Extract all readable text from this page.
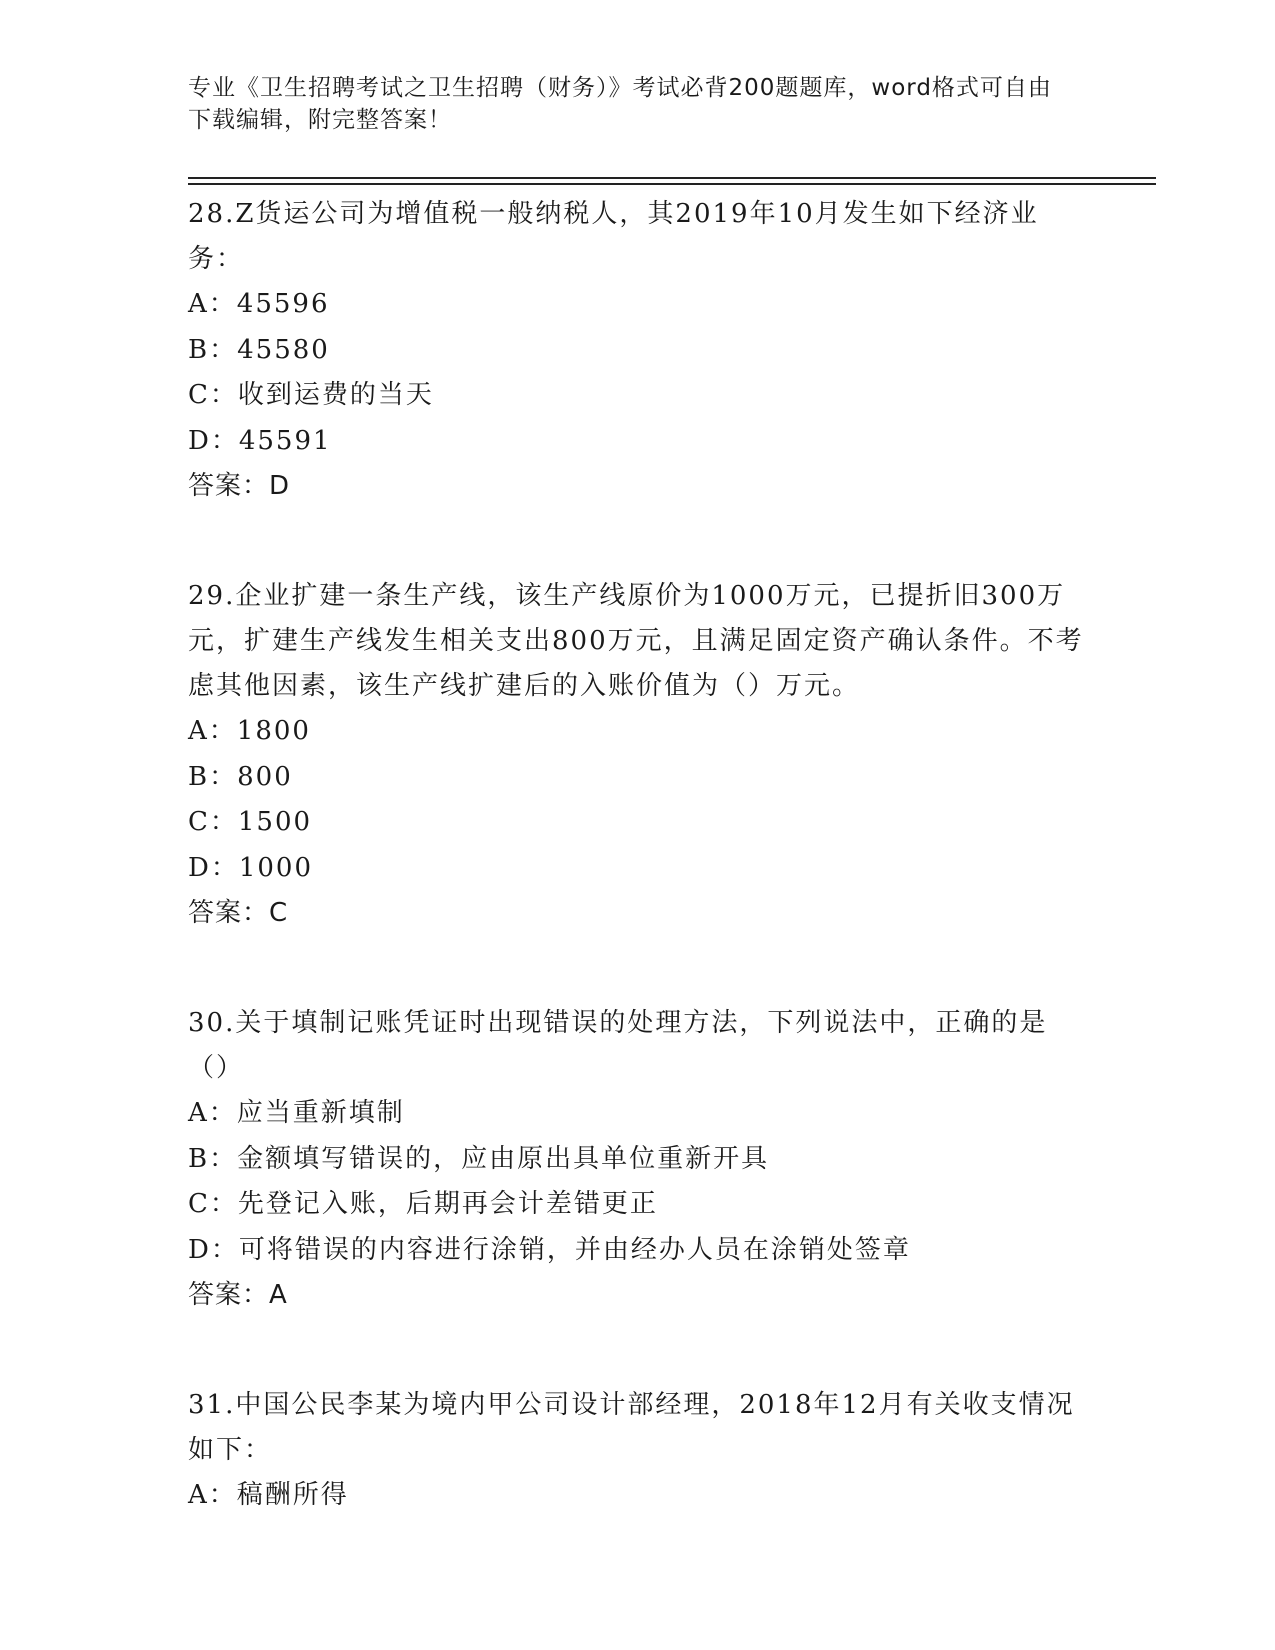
专业《卫生招聘考试之卫生招聘（财务）》考试必背200题题库，word格式可自由下载编辑，附完整答案！
28.Z货运公司为增值税一般纳税人，其2019年10月发生如下经济业务：
A：45596
B：45580
C：收到运费的当天
D：45591
答案：D
29.企业扩建一条生产线，该生产线原价为1000万元，已提折旧300万元，扩建生产线发生相关支出800万元，且满足固定资产确认条件。不考虑其他因素，该生产线扩建后的入账价值为（）万元。
A：1800
B：800
C：1500
D：1000
答案：C
30.关于填制记账凭证时出现错误的处理方法，下列说法中，正确的是（）
A：应当重新填制
B：金额填写错误的，应由原出具单位重新开具
C：先登记入账，后期再会计差错更正
D：可将错误的内容进行涂销，并由经办人员在涂销处签章
答案：A
31.中国公民李某为境内甲公司设计部经理，2018年12月有关收支情况如下：
A：稿酬所得
